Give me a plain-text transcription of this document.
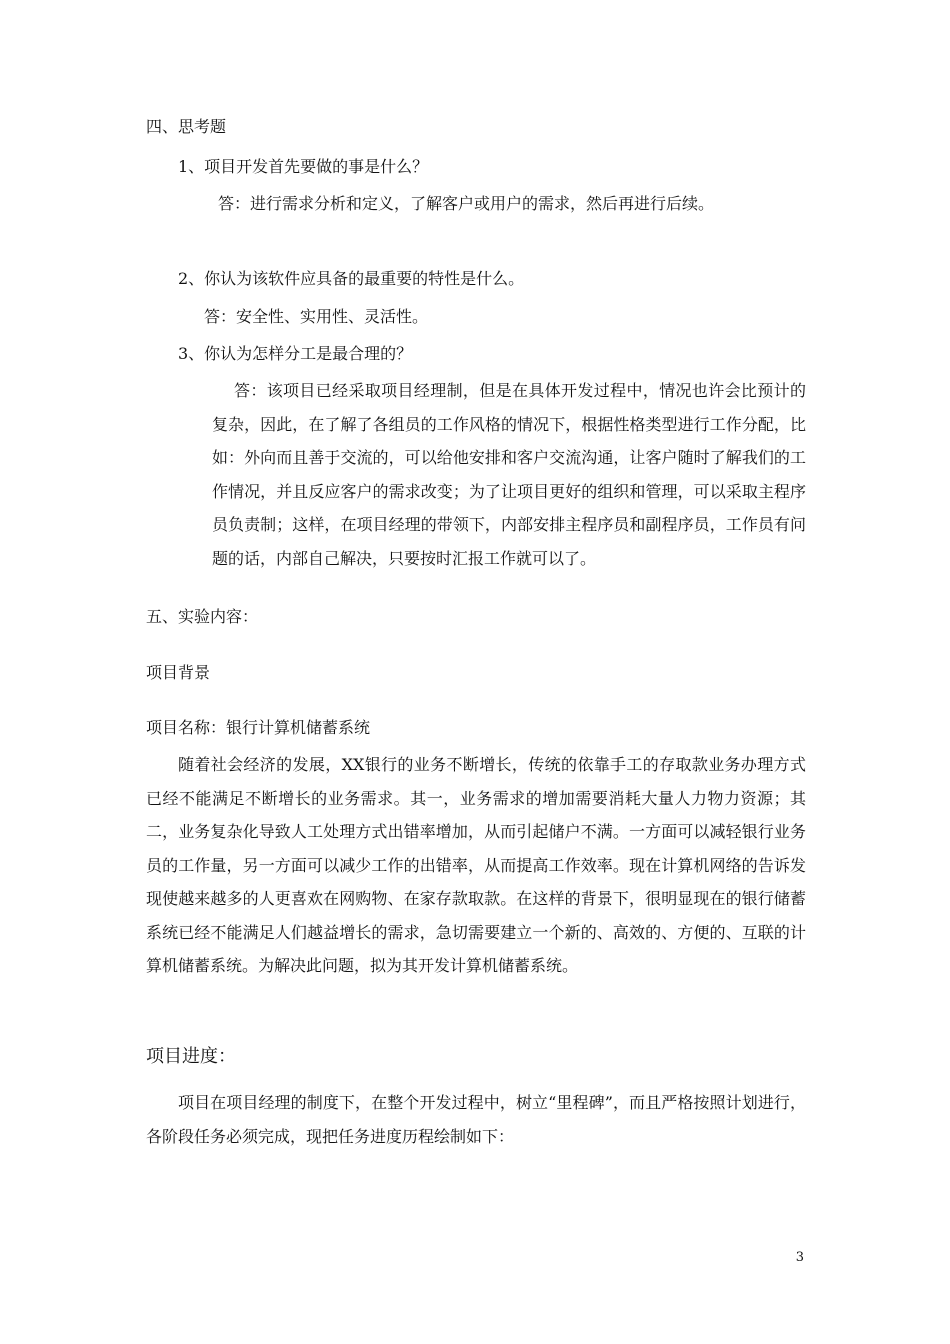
四、思考题
1、项目开发首先要做的事是什么？
答：进行需求分析和定义，了解客户或用户的需求，然后再进行后续。
2、你认为该软件应具备的最重要的特性是什么。
答：安全性、实用性、灵活性。
3、你认为怎样分工是最合理的？
答：该项目已经采取项目经理制，但是在具体开发过程中，情况也许会比预计的复杂，因此，在了解了各组员的工作风格的情况下，根据性格类型进行工作分配，比如：外向而且善于交流的，可以给他安排和客户交流沟通，让客户随时了解我们的工作情况，并且反应客户的需求改变；为了让项目更好的组织和管理，可以采取主程序员负责制；这样，在项目经理的带领下，内部安排主程序员和副程序员，工作员有问题的话，内部自己解决，只要按时汇报工作就可以了。
五、实验内容：
项目背景
项目名称：银行计算机储蓄系统
随着社会经济的发展，XX银行的业务不断增长，传统的依靠手工的存取款业务办理方式已经不能满足不断增长的业务需求。其一，业务需求的增加需要消耗大量人力物力资源；其二，业务复杂化导致人工处理方式出错率增加，从而引起储户不满。一方面可以减轻银行业务员的工作量，另一方面可以减少工作的出错率，从而提高工作效率。现在计算机网络的告诉发现使越来越多的人更喜欢在网购物、在家存款取款。在这样的背景下，很明显现在的银行储蓄系统已经不能满足人们越益增长的需求，急切需要建立一个新的、高效的、方便的、互联的计算机储蓄系统。为解决此问题，拟为其开发计算机储蓄系统。
项目进度：
项目在项目经理的制度下，在整个开发过程中，树立“里程碑”，而且严格按照计划进行，各阶段任务必须完成，现把任务进度历程绘制如下：
3
